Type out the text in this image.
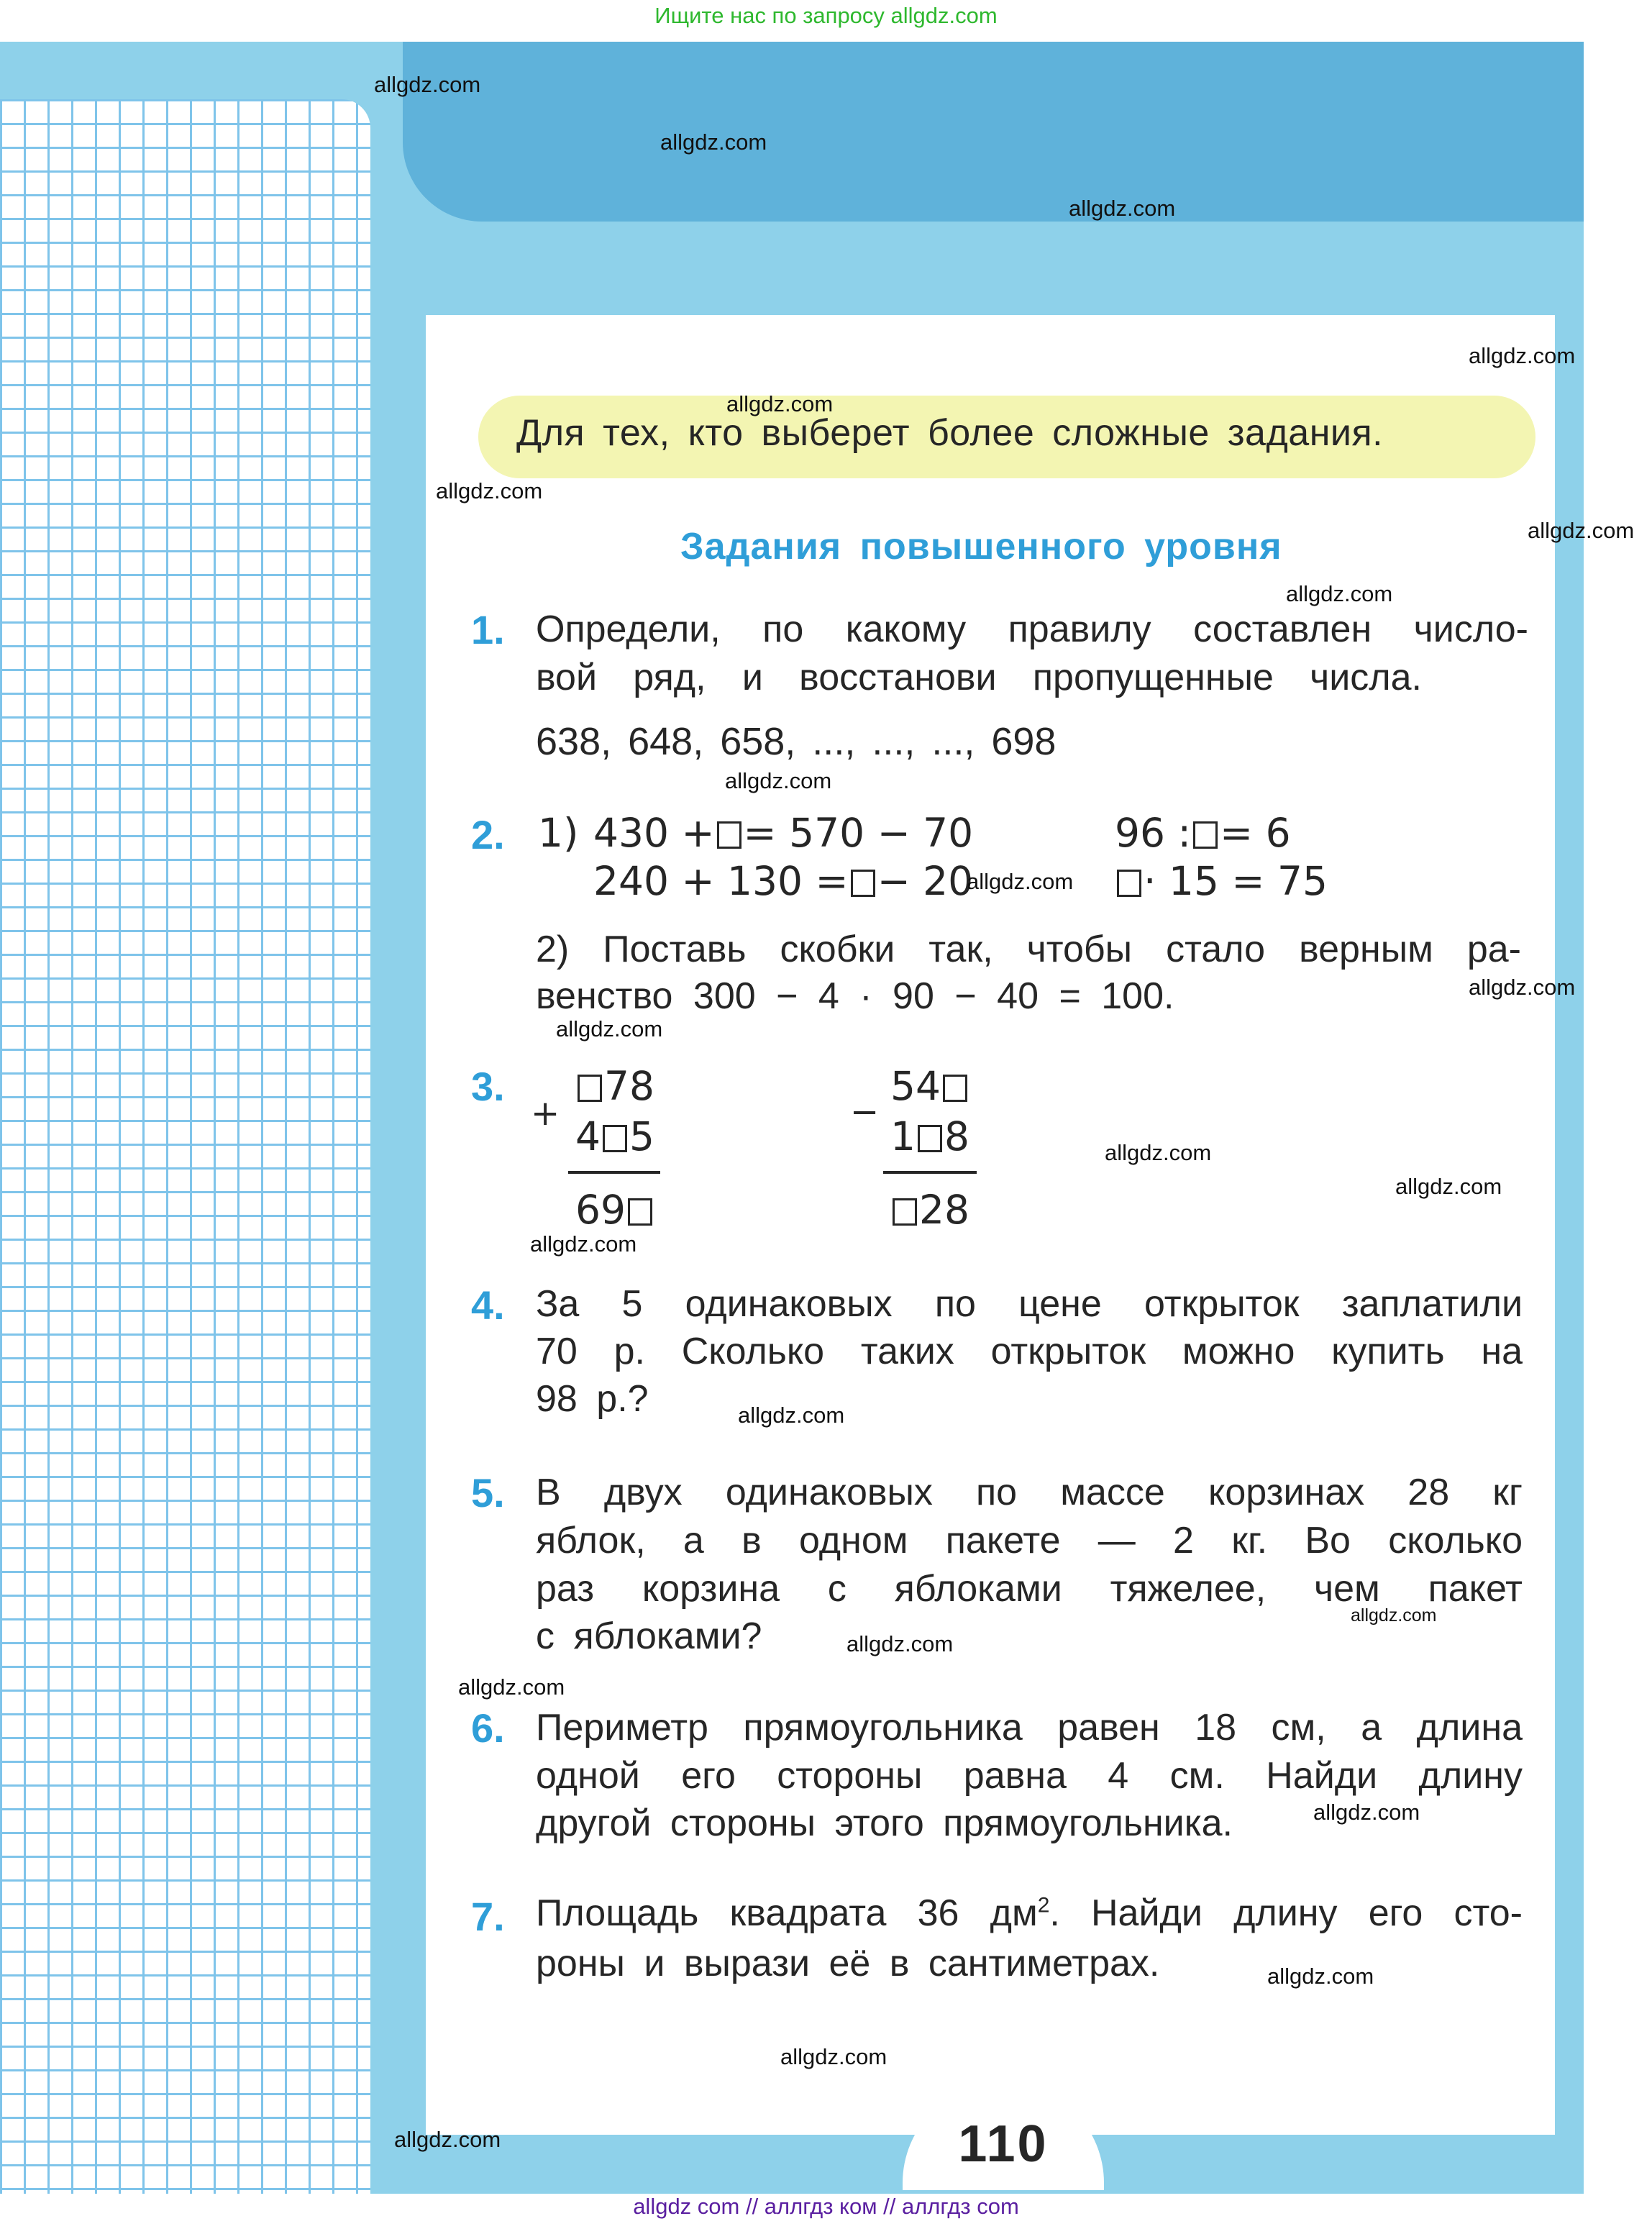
Ищите нас по запросу allgdz.com
Для тех, кто выберет более сложные задания.
Задания повышенного уровня
1. Определи, по какому правилу составлен число-
вой ряд, и восстанови пропущенные числа.
638, 648, 658, ..., ..., ..., 698
2. 1) 430 + = 570 − 70
240 + 130 = − 20
96 : = 6
· 15 = 75
2) Поставь скобки так, чтобы стало верным ра-
венство 300 − 4 · 90 − 40 = 100.
3.
+
78
4 5
69
−
54
1 8
28
4. За 5 одинаковых по цене открыток заплатили
70 р. Сколько таких открыток можно купить на
98 р.?
5. В двух одинаковых по массе корзинах 28 кг
яблок, а в одном пакете — 2 кг. Во сколько
раз корзина с яблоками тяжелее, чем пакет
с яблоками?
6. Периметр прямоугольника равен 18 см, а длина
одной его стороны равна 4 см. Найди длину
другой стороны этого прямоугольника.
7. Площадь квадрата 36 $дм^2$. Найди длину его сто-
роны и вырази её в сантиметрах.
110
allgdz.com
allgdz.com
allgdz.com
allgdz.com
allgdz.com
allgdz.com
allgdz.com
allgdz.com
allgdz.com
allgdz.com
allgdz.com
allgdz.com
allgdz.com
allgdz.com
allgdz.com
allgdz.com
allgdz.com
allgdz.com
allgdz.com
allgdz.com
allgdz.com
allgdz.com
allgdz.com
allgdz com // аллгдз ком // аллгдз com
